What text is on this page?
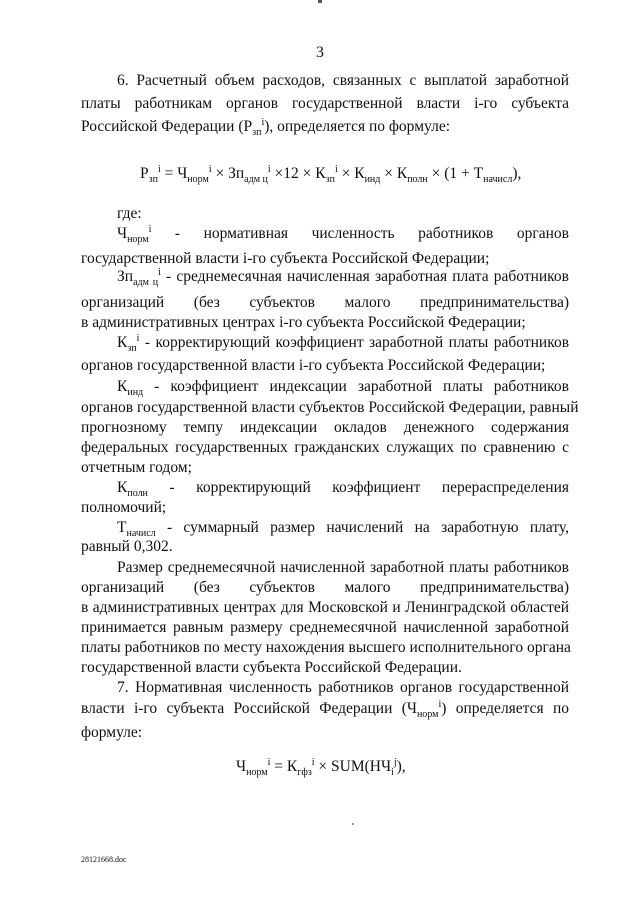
3
6. Расчетный объем расходов, связанных с выплатой заработной
платы работникам органов государственной власти i-го субъекта
Российской Федерации $(Р_{зп}^i)$, определяется по формуле:
$Р_{зп}^i = Ч_{норм}^i \times Зп_{адм ц}^i \times 12 \times К_{зп}^i \times К_{инд} \times К_{полн} \times (1 + Т_{начисл})$,
где:
$Ч_{норм}^i$ - нормативная численность работников органов
государственной власти i-го субъекта Российской Федерации;
$Зп_{адм ц}^i$ - среднемесячная начисленная заработная плата работников
организаций (без субъектов малого предпринимательства)
в административных центрах i-го субъекта Российской Федерации;
$К_{зп}^i$ - корректирующий коэффициент заработной платы работников
органов государственной власти i-го субъекта Российской Федерации;
$К_{инд}$ - коэффициент индексации заработной платы работников
органов государственной власти субъектов Российской Федерации, равный
прогнозному темпу индексации окладов денежного содержания
федеральных государственных гражданских служащих по сравнению с
отчетным годом;
$К_{полн}$ - корректирующий коэффициент перераспределения
полномочий;
$Т_{начисл}$ - суммарный размер начислений на заработную плату,
равный 0,302.
Размер среднемесячной начисленной заработной платы работников
организаций (без субъектов малого предпринимательства)
в административных центрах для Московской и Ленинградской областей
принимается равным размеру среднемесячной начисленной заработной
платы работников по месту нахождения высшего исполнительного органа
государственной власти субъекта Российской Федерации.
7. Нормативная численность работников органов государственной
власти i-го субъекта Российской Федерации $(Ч_{норм}^i)$ определяется по
формуле:
$Ч_{норм}^i = К_{гфз}^i \times SUM(НЧ_i^j)$,
28121668.doc
